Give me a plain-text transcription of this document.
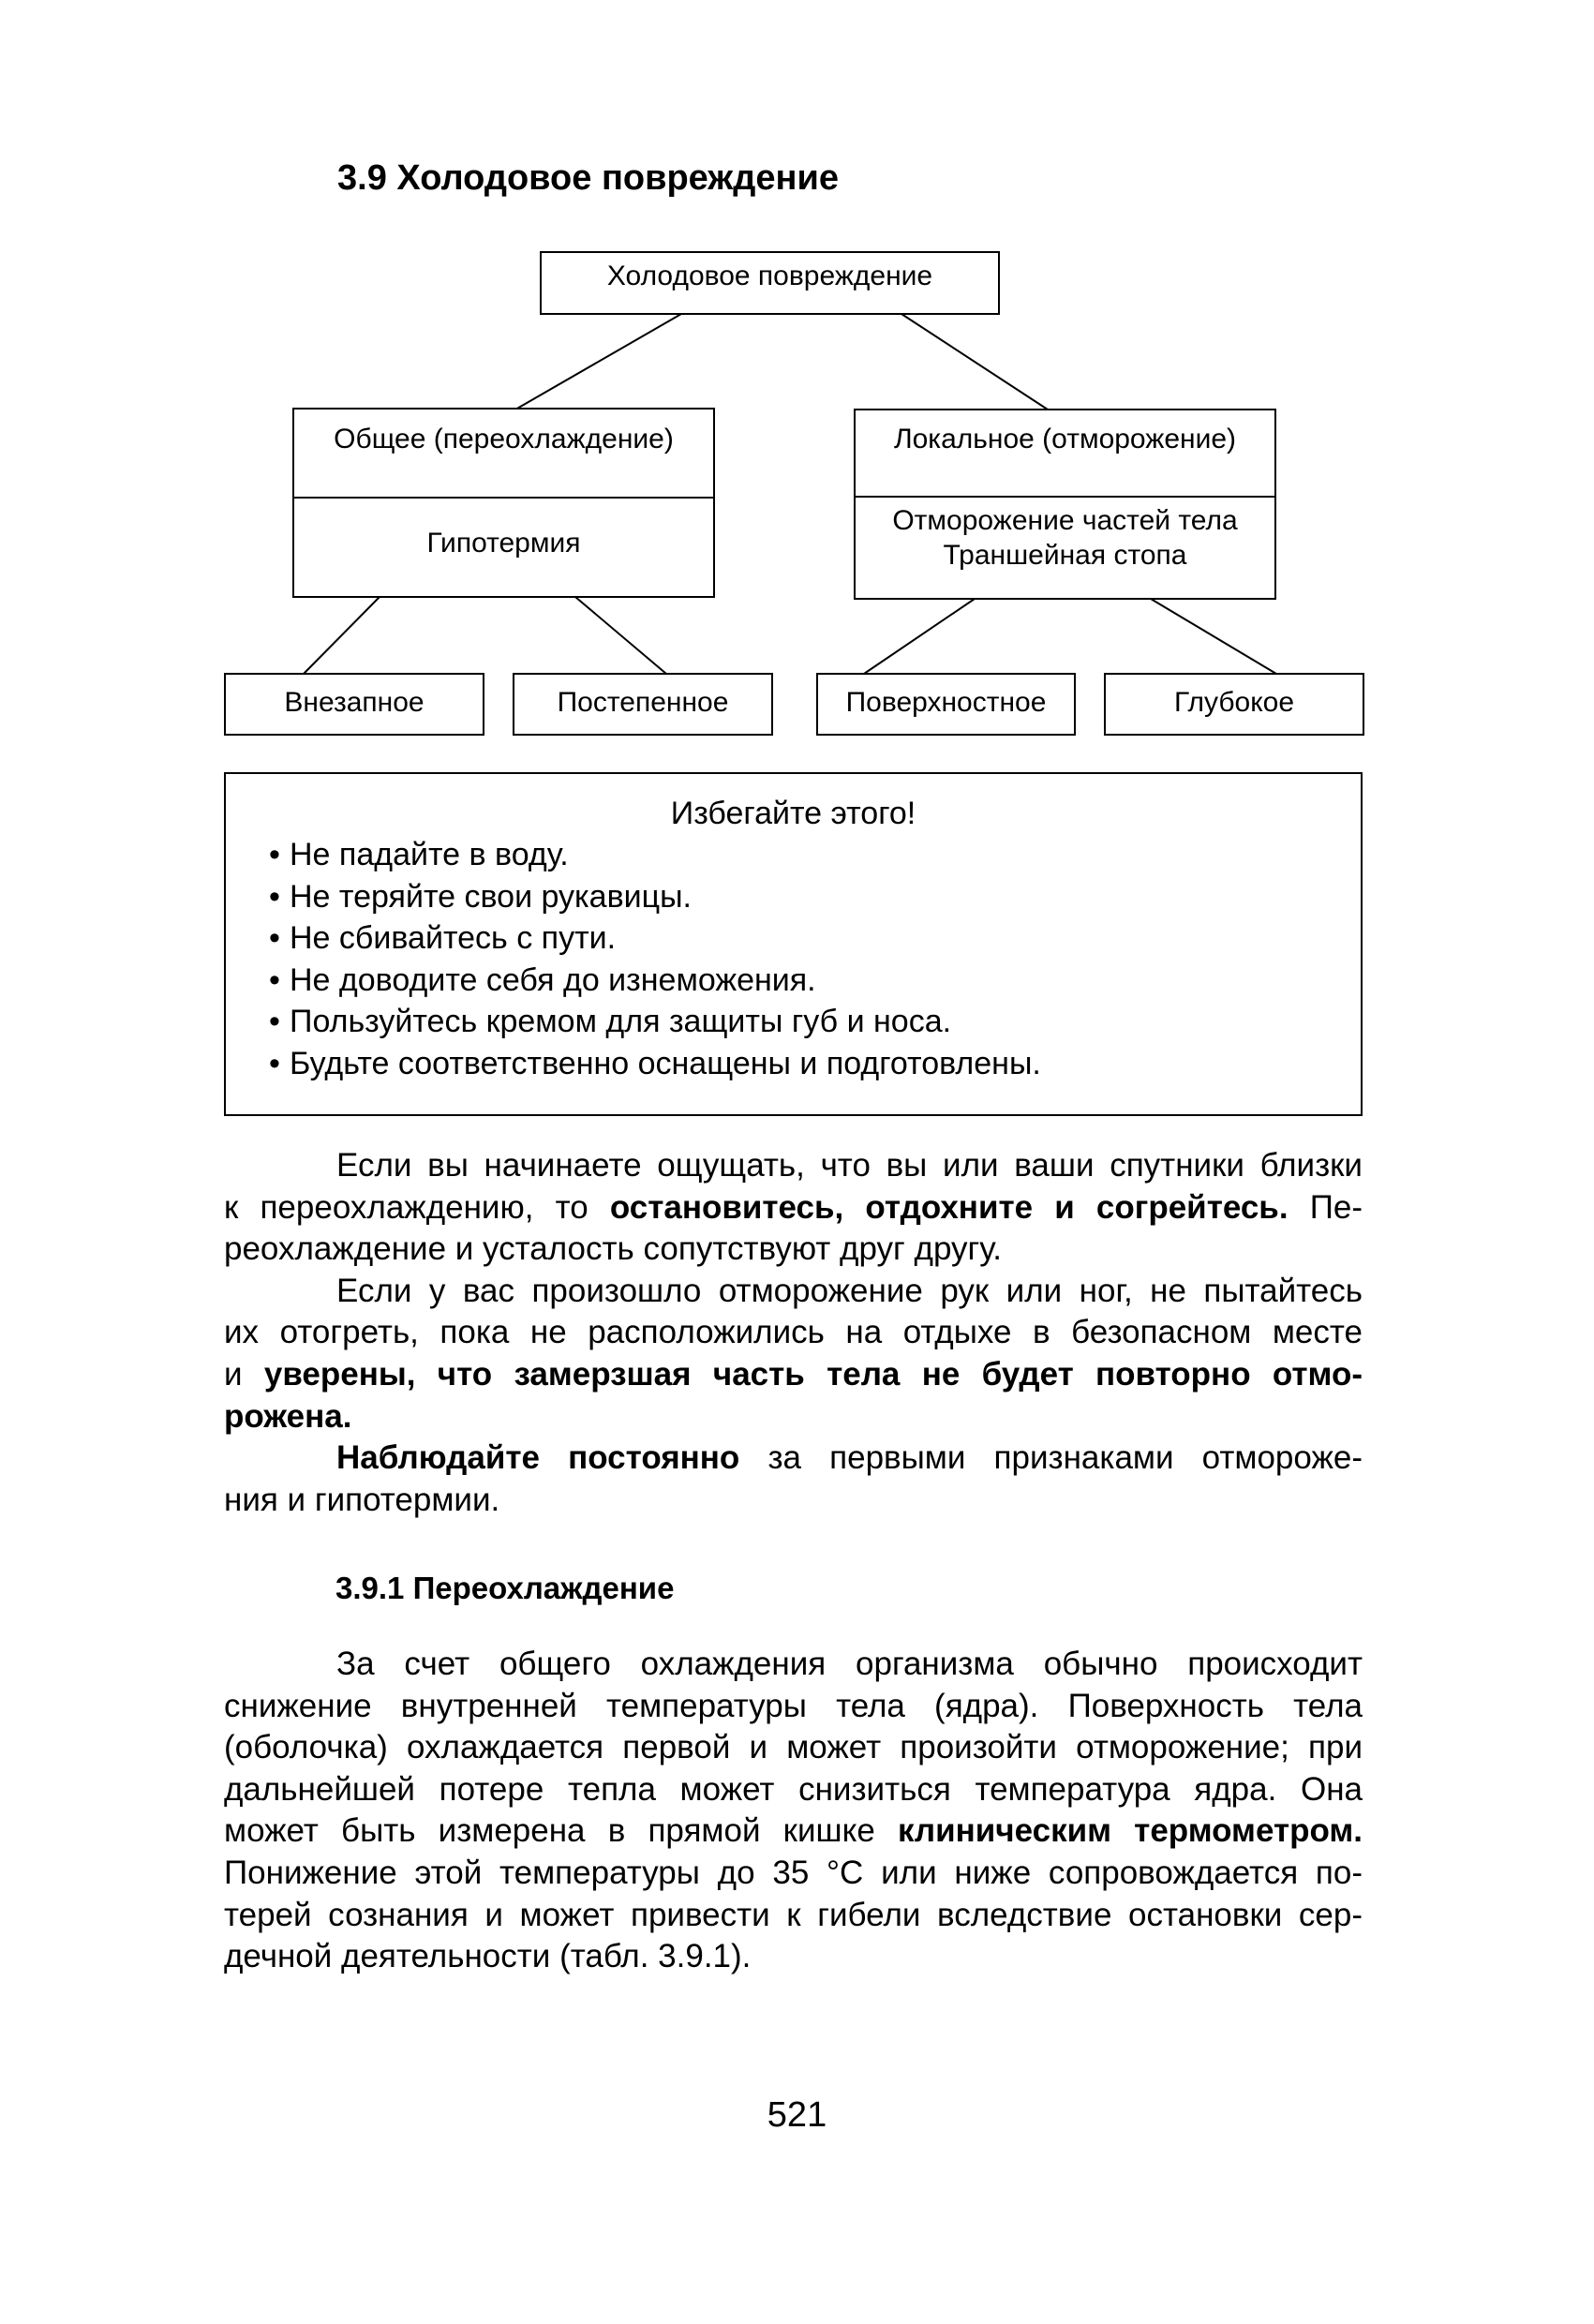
3.9 Холодовое повреждение
Холодовое повреждение
Общее (переохлаждение)
Гипотермия
Локальное (отморожение)
Отморожение частей тела
Траншейная стопа
Внезапное	Постепенное	Поверхностное	Глубокое
Избегайте этого!
• Не падайте в воду.
• Не теряйте свои рукавицы.
• Не сбивайтесь с пути.
• Не доводите себя до изнеможения.
• Пользуйтесь кремом для защиты губ и носа.
• Будьте соответственно оснащены и подготовлены.
Если вы начинаете ощущать, что вы или ваши спутники близки
к переохлаждению, то остановитесь, отдохните и согрейтесь. Пе-
реохлаждение и усталость сопутствуют друг другу.
Если у вас произошло отморожение рук или ног, не пытайтесь
их отогреть, пока не расположились на отдыхе в безопасном месте
и уверены, что замерзшая часть тела не будет повторно отмо-
рожена.
Наблюдайте постоянно за первыми признаками отмороже-
ния и гипотермии.
3.9.1 Переохлаждение
За счет общего охлаждения организма обычно происходит
снижение внутренней температуры тела (ядра). Поверхность тела
(оболочка) охлаждается первой и может произойти отморожение; при
дальнейшей потере тепла может снизиться температура ядра. Она
может быть измерена в прямой кишке клиническим термометром.
Понижение этой температуры до 35 °С или ниже сопровождается по-
терей сознания и может привести к гибели вследствие остановки сер-
дечной деятельности (табл. 3.9.1).
521
